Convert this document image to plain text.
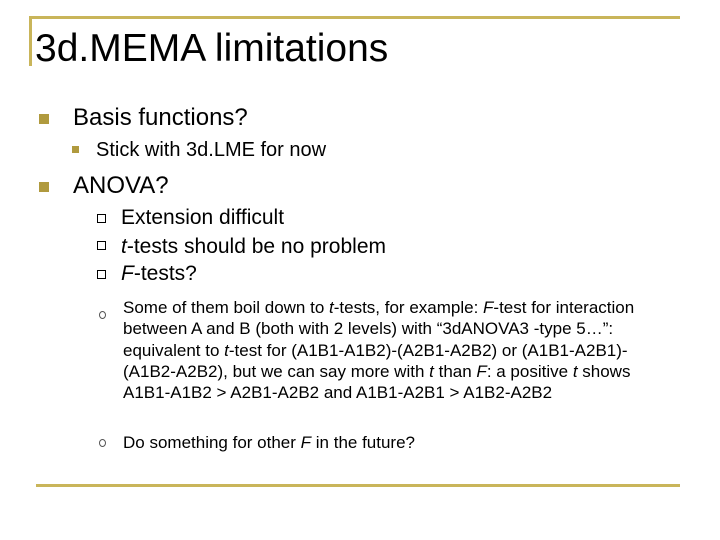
3d.MEMA limitations
Basis functions?
Stick with 3d.LME for now
ANOVA?
Extension difficult
t-tests should be no problem
F-tests?

Some of them boil down to t-tests, for example: F-test for interaction between A and B (both with 2 levels) with “3dANOVA3 -type 5…”: equivalent to t-test for (A1B1-A1B2)-(A2B1-A2B2) or (A1B1-A2B1)-(A1B2-A2B2), but we can say more with t than F: a positive t shows A1B1-A1B2 > A2B1-A2B2 and A1B1-A2B1 > A1B2-A2B2

Do something for other F in the future?
